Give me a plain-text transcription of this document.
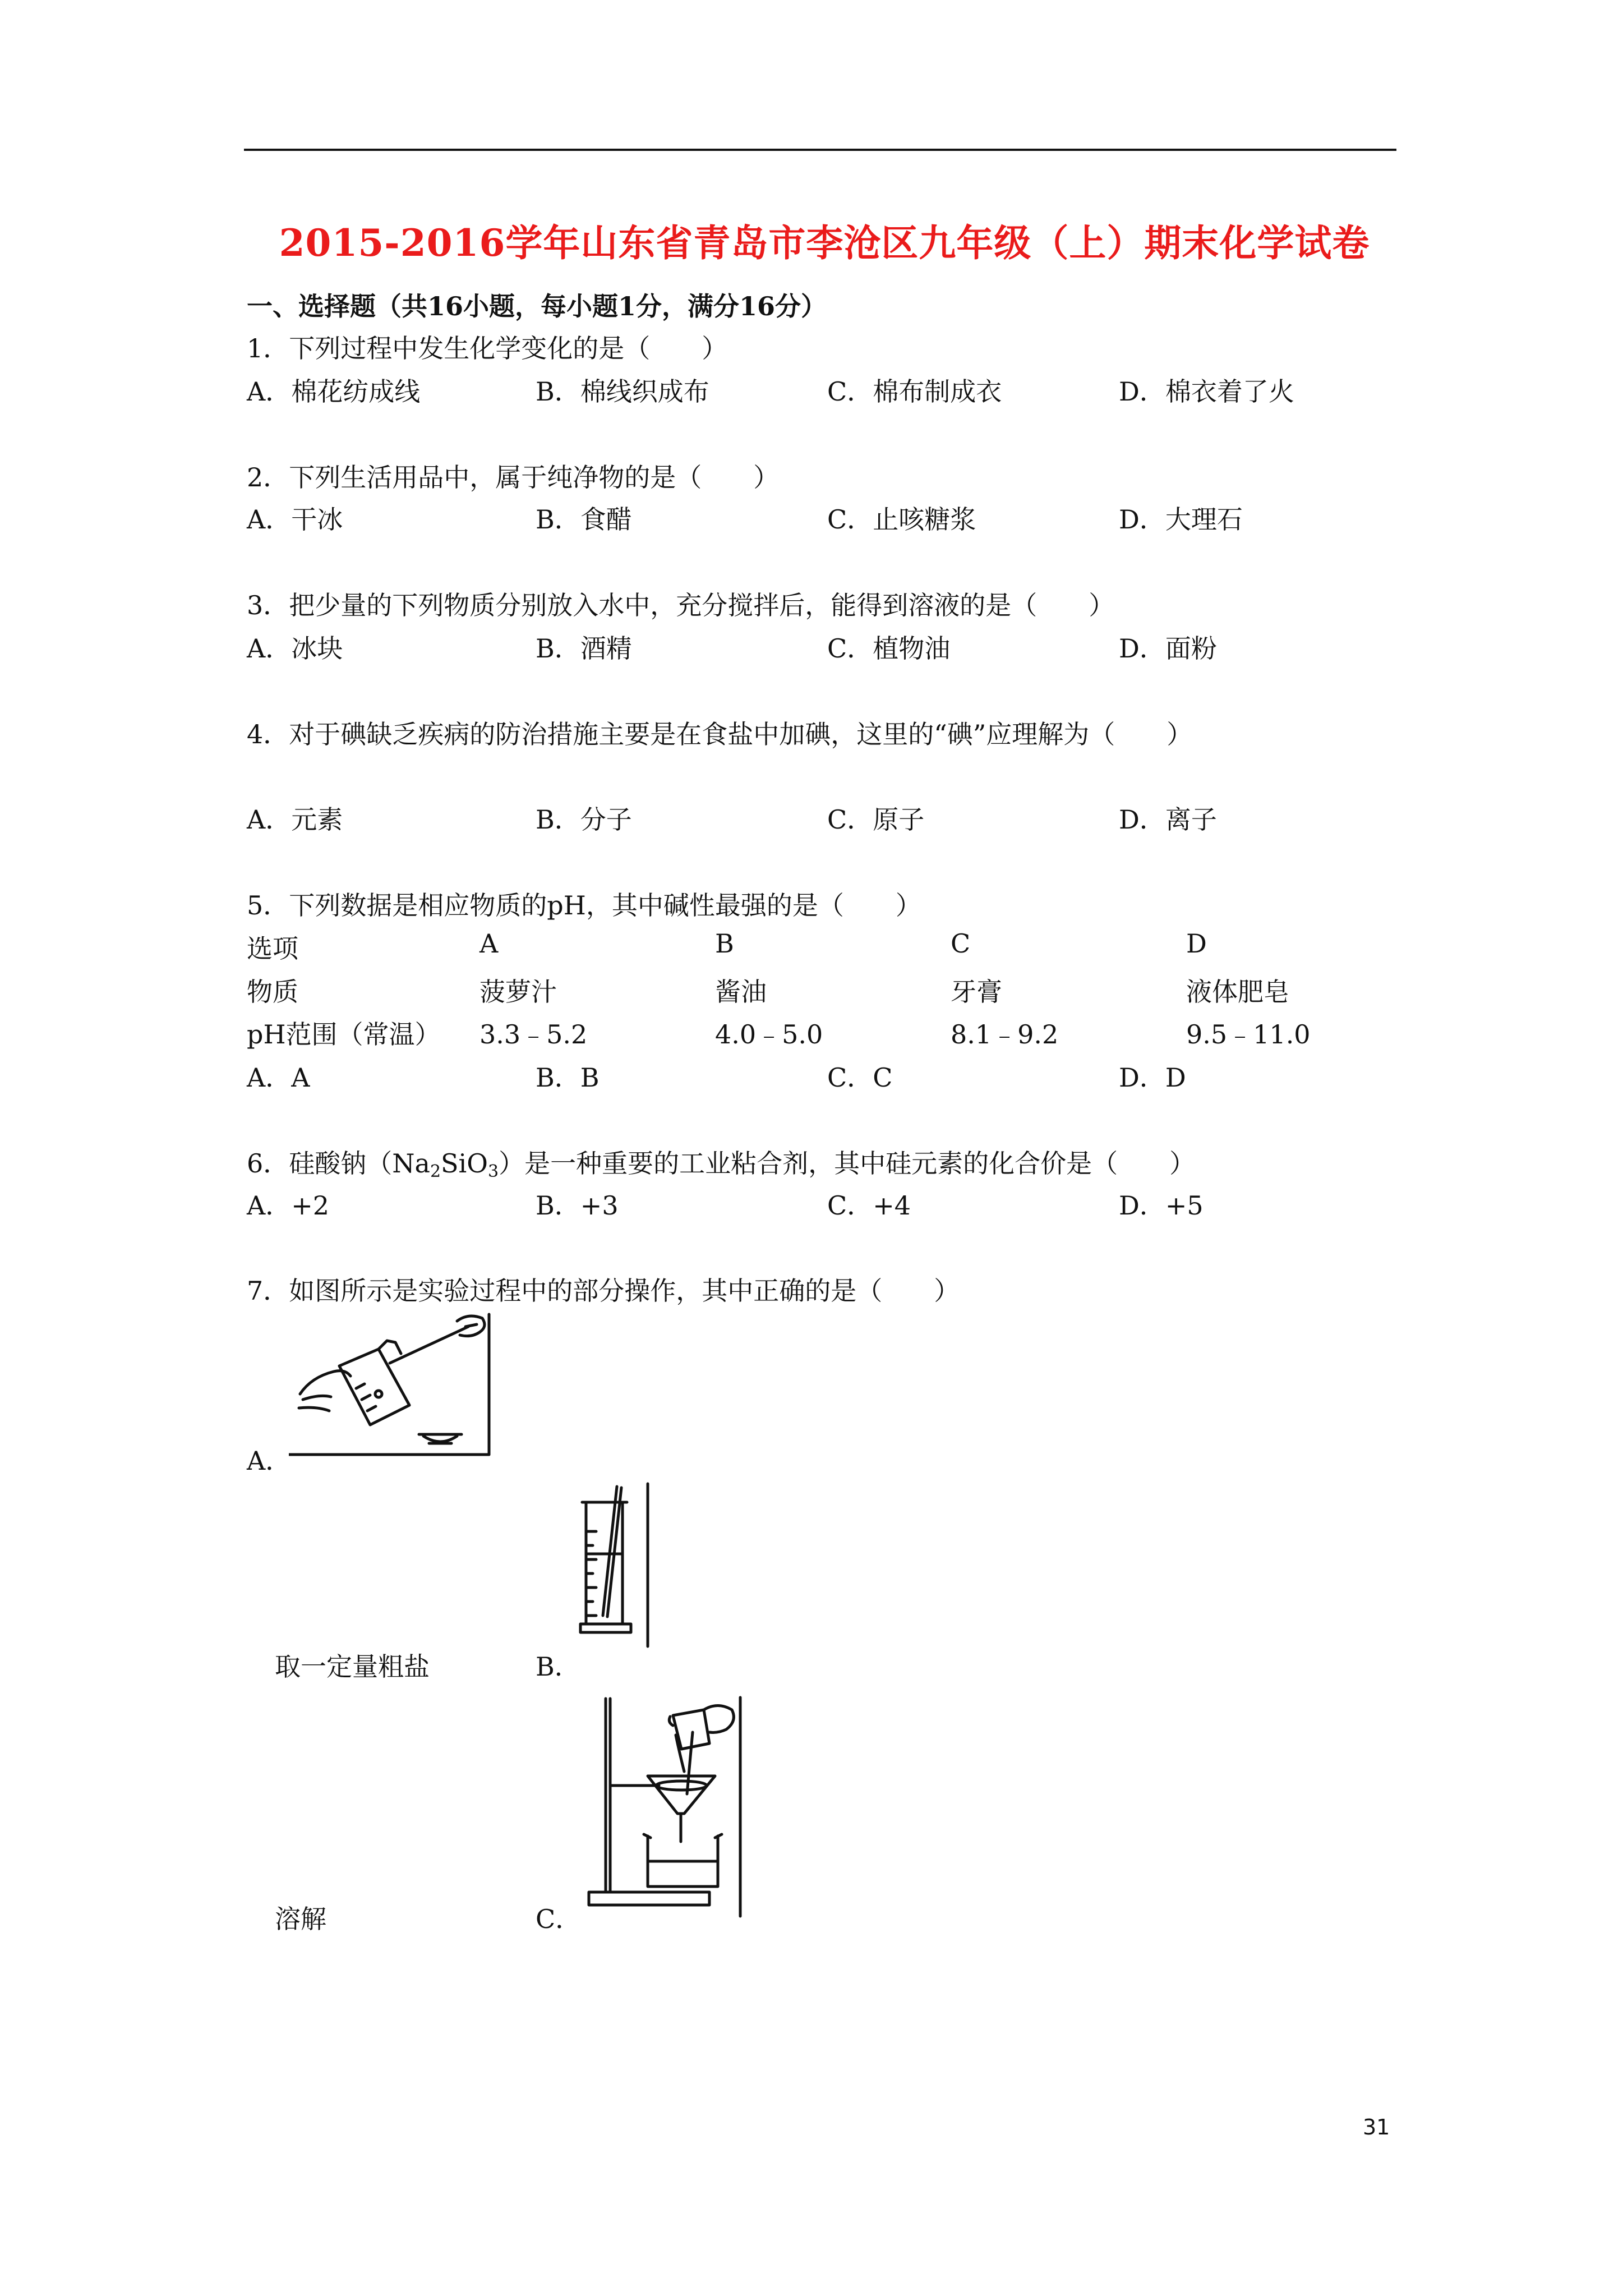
2015-2016学年山东省青岛市李沧区九年级（上）期末化学试卷
一、选择题（共16小题，每小题1分，满分16分）
1．下列过程中发生化学变化的是（　　）
A．棉花纺成线	B．棉线织成布	C．棉布制成衣	D．棉衣着了火
2．下列生活用品中，属于纯净物的是（　　）
A．干冰	B．食醋	C．止咳糖浆	D．大理石
3．把少量的下列物质分别放入水中，充分搅拌后，能得到溶液的是（　　）
A．冰块	B．酒精	C．植物油	D．面粉
4．对于碘缺乏疾病的防治措施主要是在食盐中加碘，这里的“碘”应理解为（　　）
A．元素	B．分子	C．原子	D．离子
5．下列数据是相应物质的pH，其中碱性最强的是（　　）
选项	A	B	C	D
物质	菠萝汁	酱油	牙膏	液体肥皂
pH范围（常温） 3.3﹣5.2	4.0﹣5.0	8.1﹣9.2	9.5﹣11.0
A．A	B．B	C．C	D．D
6．硅酸钠$(Na_2SiO_3)$是一种重要的工业粘合剂，其中硅元素的化合价是（　　）
A．+2	B．+3	C．+4	D．+5
7．如图所示是实验过程中的部分操作，其中正确的是（　　）
A．
取一定量粗盐	B．
溶解	C．
31
